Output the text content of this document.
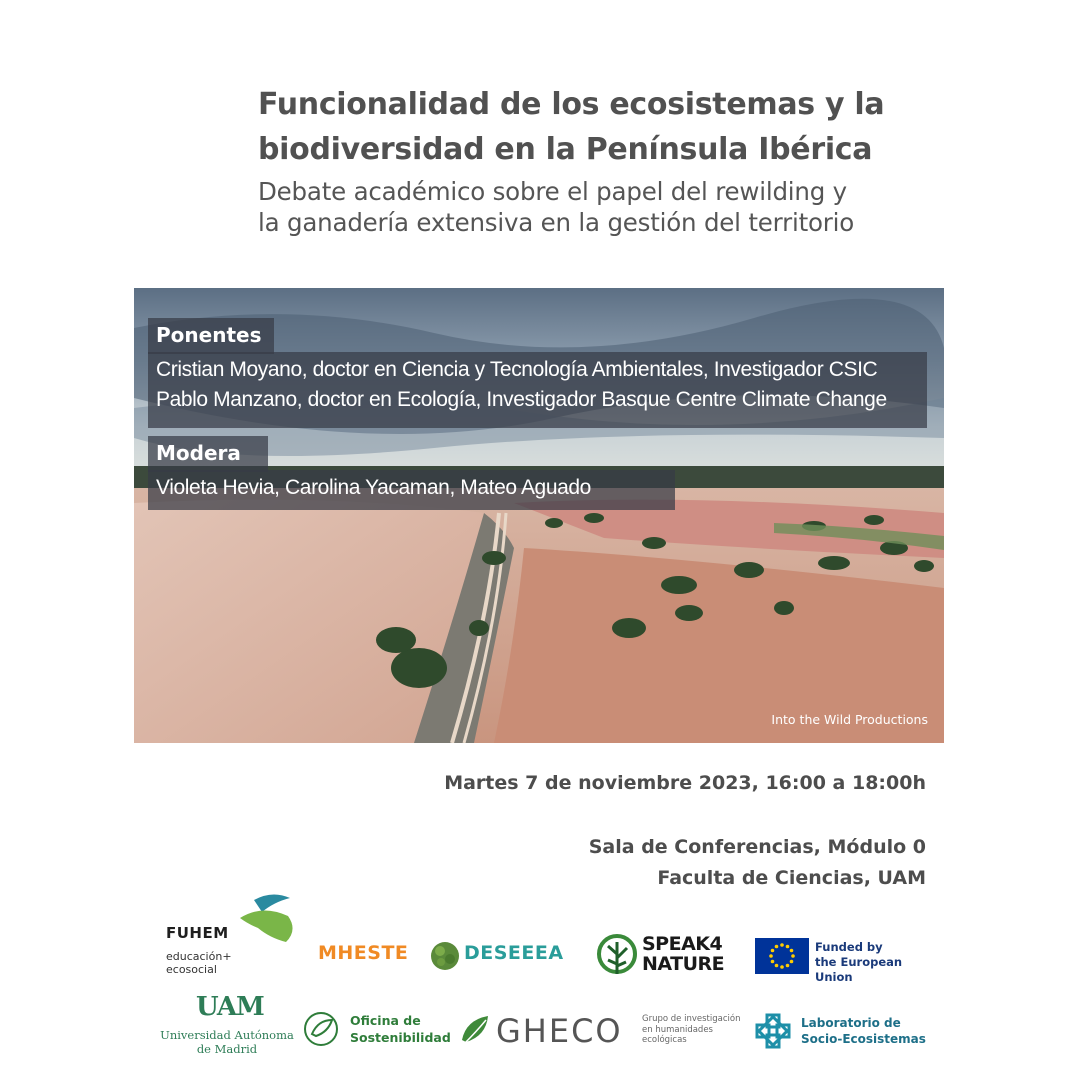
Funcionalidad de los ecosistemas y la
biodiversidad en la Península Ibérica

Debate académico sobre el papel del rewilding y
la ganadería extensiva en la gestión del territorio

Ponentes
Cristian Moyano, doctor en Ciencia y Tecnología Ambientales, Investigador CSIC
Pablo Manzano, doctor en Ecología, Investigador Basque Centre Climate Change
Modera
Violeta Hevia, Carolina Yacaman, Mateo Aguado
Into the Wild Productions

Martes 7 de noviembre 2023, 16:00 a 18:00h

Sala de Conferencias, Módulo 0

Faculta de Ciencias, UAM

FUHEM
educación+
ecosocial
MHESTE	DESEEEA	SPEAK4
NATURE
Funded by
the European Union
UAM
Universidad Autónoma
de Madrid
Oficina de
Sostenibilidad GHECO Grupo de investigación
en humanidades
ecológicas
Laboratorio de
Socio-Ecosistemas
